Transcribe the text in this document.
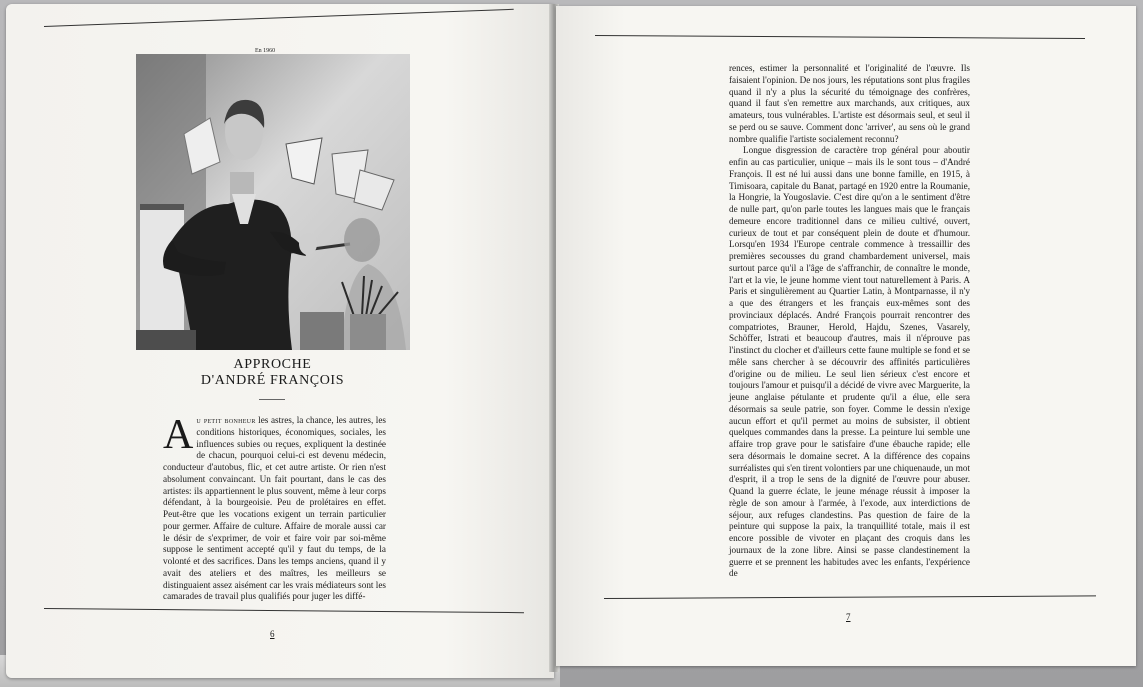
En 1960
APPROCHE
D'ANDRÉ FRANÇOIS

Au petit bonheur les astres, la chance, les autres, les conditions historiques, économiques, sociales, les influences subies ou reçues, expliquent la destinée de chacun, pourquoi celui-ci est devenu médecin, conducteur d'autobus, flic, et cet autre artiste. Or rien n'est absolument convaincant. Un fait pourtant, dans le cas des artistes: ils appartiennent le plus souvent, même à leur corps défendant, à la bourgeoisie. Peu de prolétaires en effet. Peut-être que les vocations exigent un terrain particulier pour germer. Affaire de culture. Affaire de morale aussi car le désir de s'exprimer, de voir et faire voir par soi-même suppose le sentiment accepté qu'il y faut du temps, de la volonté et des sacrifices. Dans les temps anciens, quand il y avait des ateliers et des maîtres, les meilleurs se distinguaient assez aisément car les vrais médiateurs sont les camarades de travail plus qualifiés pour juger les diffé-

6

rences, estimer la personnalité et l'originalité de l'œuvre. Ils faisaient l'opinion. De nos jours, les réputations sont plus fragiles quand il n'y a plus la sécurité du témoignage des confrères, quand il faut s'en remettre aux marchands, aux critiques, aux amateurs, tous vulnérables. L'artiste est désormais seul, et seul il se perd ou se sauve. Comment donc 'arriver', au sens où le grand nombre qualifie l'artiste socialement reconnu?

Longue disgression de caractère trop général pour aboutir enfin au cas particulier, unique – mais ils le sont tous – d'André François. Il est né lui aussi dans une bonne famille, en 1915, à Timisoara, capitale du Banat, partagé en 1920 entre la Roumanie, la Hongrie, la Yougoslavie. C'est dire qu'on a le sentiment d'être de nulle part, qu'on parle toutes les langues mais que le français demeure encore traditionnel dans ce milieu cultivé, ouvert, curieux de tout et par conséquent plein de doute et d'humour. Lorsqu'en 1934 l'Europe centrale commence à tressaillir des premières secousses du grand chambardement universel, mais surtout parce qu'il a l'âge de s'affranchir, de connaître le monde, l'art et la vie, le jeune homme vient tout naturellement à Paris. A Paris et singulièrement au Quartier Latin, à Montparnasse, il n'y a que des étrangers et les français eux-mêmes sont des provinciaux déplacés. André François pourrait rencontrer des compatriotes, Brauner, Herold, Hajdu, Szenes, Vasarely, Schöffer, Istrati et beaucoup d'autres, mais il n'éprouve pas l'instinct du clocher et d'ailleurs cette faune multiple se fond et se mêle sans chercher à se découvrir des affinités particulières d'origine ou de milieu. Le seul lien sérieux c'est encore et toujours l'amour et puisqu'il a décidé de vivre avec Marguerite, la jeune anglaise pétulante et prudente qu'il a élue, elle sera désormais sa seule patrie, son foyer. Comme le dessin n'exige aucun effort et qu'il permet au moins de subsister, il obtient quelques commandes dans la presse. La peinture lui semble une affaire trop grave pour le satisfaire d'une ébauche rapide; elle sera désormais le domaine secret. A la différence des copains surréalistes qui s'en tirent volontiers par une chiquenaude, un mot d'esprit, il a trop le sens de la dignité de l'œuvre pour abuser. Quand la guerre éclate, le jeune ménage réussit à imposer la règle de son amour à l'armée, à l'exode, aux interdictions de séjour, aux refuges clandestins. Pas question de faire de la peinture qui suppose la paix, la tranquillité totale, mais il est encore possible de vivoter en plaçant des croquis dans les journaux de la zone libre. Ainsi se passe clandestinement la guerre et se prennent les habitudes avec les enfants, l'expérience de

7
